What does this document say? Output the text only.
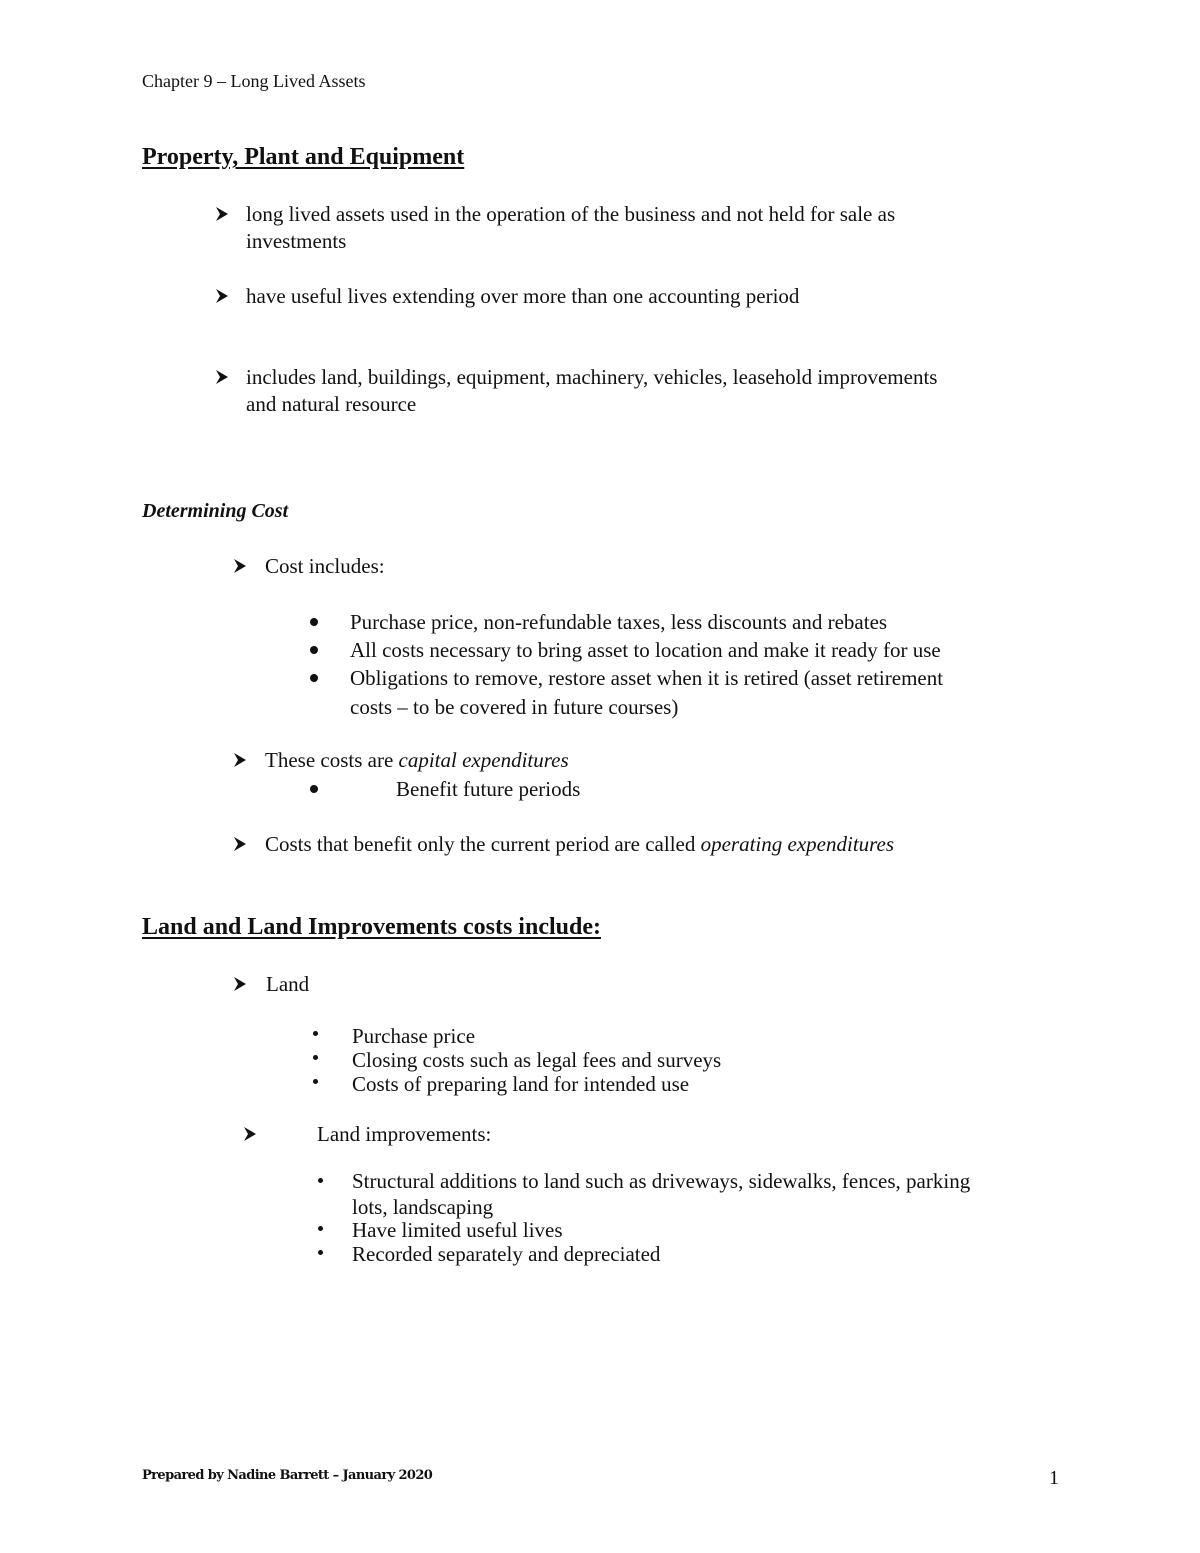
Chapter 9 – Long Lived Assets
Property, Plant and Equipment
long lived assets used in the operation of the business and not held for sale as
investments
have useful lives extending over more than one accounting period
includes land, buildings, equipment, machinery, vehicles, leasehold improvements
and natural resource
Determining Cost
Cost includes:
Purchase price, non-refundable taxes, less discounts and rebates
All costs necessary to bring asset to location and make it ready for use
Obligations to remove, restore asset when it is retired (asset retirement
costs – to be covered in future courses)
These costs are capital expenditures
Benefit future periods
Costs that benefit only the current period are called operating expenditures
Land and Land Improvements costs include:
Land
Purchase price
Closing costs such as legal fees and surveys
Costs of preparing land for intended use
Land improvements:
Structural additions to land such as driveways, sidewalks, fences, parking
lots, landscaping
Have limited useful lives
Recorded separately and depreciated
Prepared by Nadine Barrett – January 2020	1
